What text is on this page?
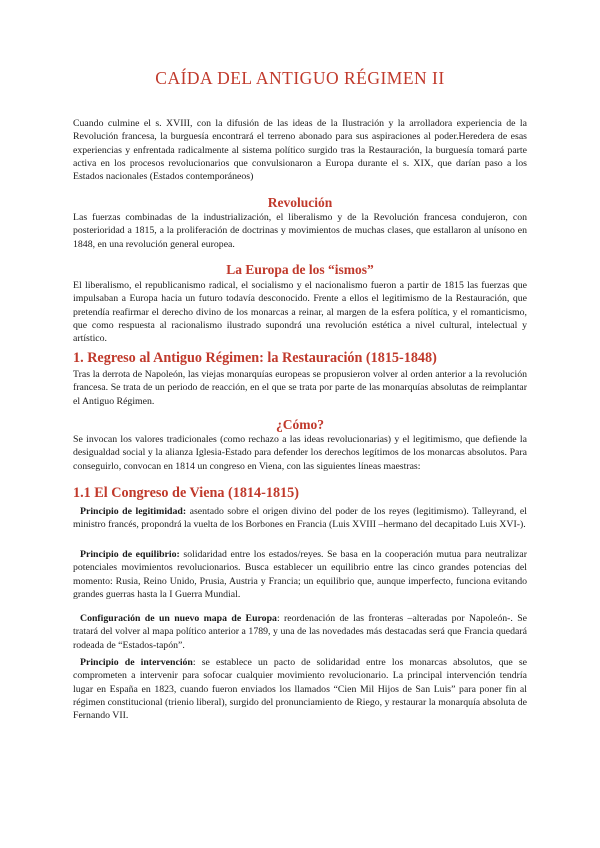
CAÍDA DEL ANTIGUO RÉGIMEN II

Cuando culmine el s. XVIII, con la difusión de las ideas de la Ilustración y la arrolladora experiencia de la Revolución francesa, la burguesía encontrará el terreno abonado para sus aspiraciones al poder.Heredera de esas experiencias y enfrentada radicalmente al sistema político surgido tras la Restauración, la burguesía tomará parte activa en los procesos revolucionarios que convulsionaron a Europa durante el s. XIX, que darían paso a los Estados nacionales (Estados contemporáneos)

Revolución

Las fuerzas combinadas de la industrialización, el liberalismo y de la Revolución francesa condujeron, con posterioridad a 1815, a la proliferación de doctrinas y movimientos de muchas clases, que estallaron al unísono en 1848, en una revolución general europea.

La Europa de los “ismos”

El liberalismo, el republicanismo radical, el socialismo y el nacionalismo fueron a partir de 1815 las fuerzas que impulsaban a Europa hacia un futuro todavía desconocido. Frente a ellos el legitimismo de la Restauración, que pretendía reafirmar el derecho divino de los monarcas a reinar, al margen de la esfera política, y el romanticismo, que como respuesta al racionalismo ilustrado supondrá una revolución estética a nivel cultural, intelectual y artístico.

1. Regreso al Antiguo Régimen: la Restauración (1815-1848)

Tras la derrota de Napoleón, las viejas monarquías europeas se propusieron volver al orden anterior a la revolución francesa. Se trata de un periodo de reacción, en el que se trata por parte de las monarquías absolutas de reimplantar el Antiguo Régimen.

¿Cómo?

Se invocan los valores tradicionales (como rechazo a las ideas revolucionarias) y el legitimismo, que defiende la desigualdad social y la alianza Iglesia-Estado para defender los derechos legítimos de los monarcas absolutos. Para conseguirlo, convocan en 1814 un congreso en Viena, con las siguientes líneas maestras:

1.1 El Congreso de Viena (1814-1815)

Principio de legitimidad: asentado sobre el origen divino del poder de los reyes (legitimismo). Talleyrand, el ministro francés, propondrá la vuelta de los Borbones en Francia (Luis XVIII –hermano del decapitado Luis XVI-).

Principio de equilibrio: solidaridad entre los estados/reyes. Se basa en la cooperación mutua para neutralizar potenciales movimientos revolucionarios. Busca establecer un equilibrio entre las cinco grandes potencias del momento: Rusia, Reino Unido, Prusia, Austria y Francia; un equilibrio que, aunque imperfecto, funciona evitando grandes guerras hasta la I Guerra Mundial.

Configuración de un nuevo mapa de Europa: reordenación de las fronteras –alteradas por Napoleón-. Se tratará del volver al mapa político anterior a 1789, y una de las novedades más destacadas será que Francia quedará rodeada de “Estados-tapón”.

Principio de intervención: se establece un pacto de solidaridad entre los monarcas absolutos, que se comprometen a intervenir para sofocar cualquier movimiento revolucionario. La principal intervención tendría lugar en España en 1823, cuando fueron enviados los llamados “Cien Mil Hijos de San Luis” para poner fin al régimen constitucional (trienio liberal), surgido del pronunciamiento de Riego, y restaurar la monarquía absoluta de Fernando VII.
